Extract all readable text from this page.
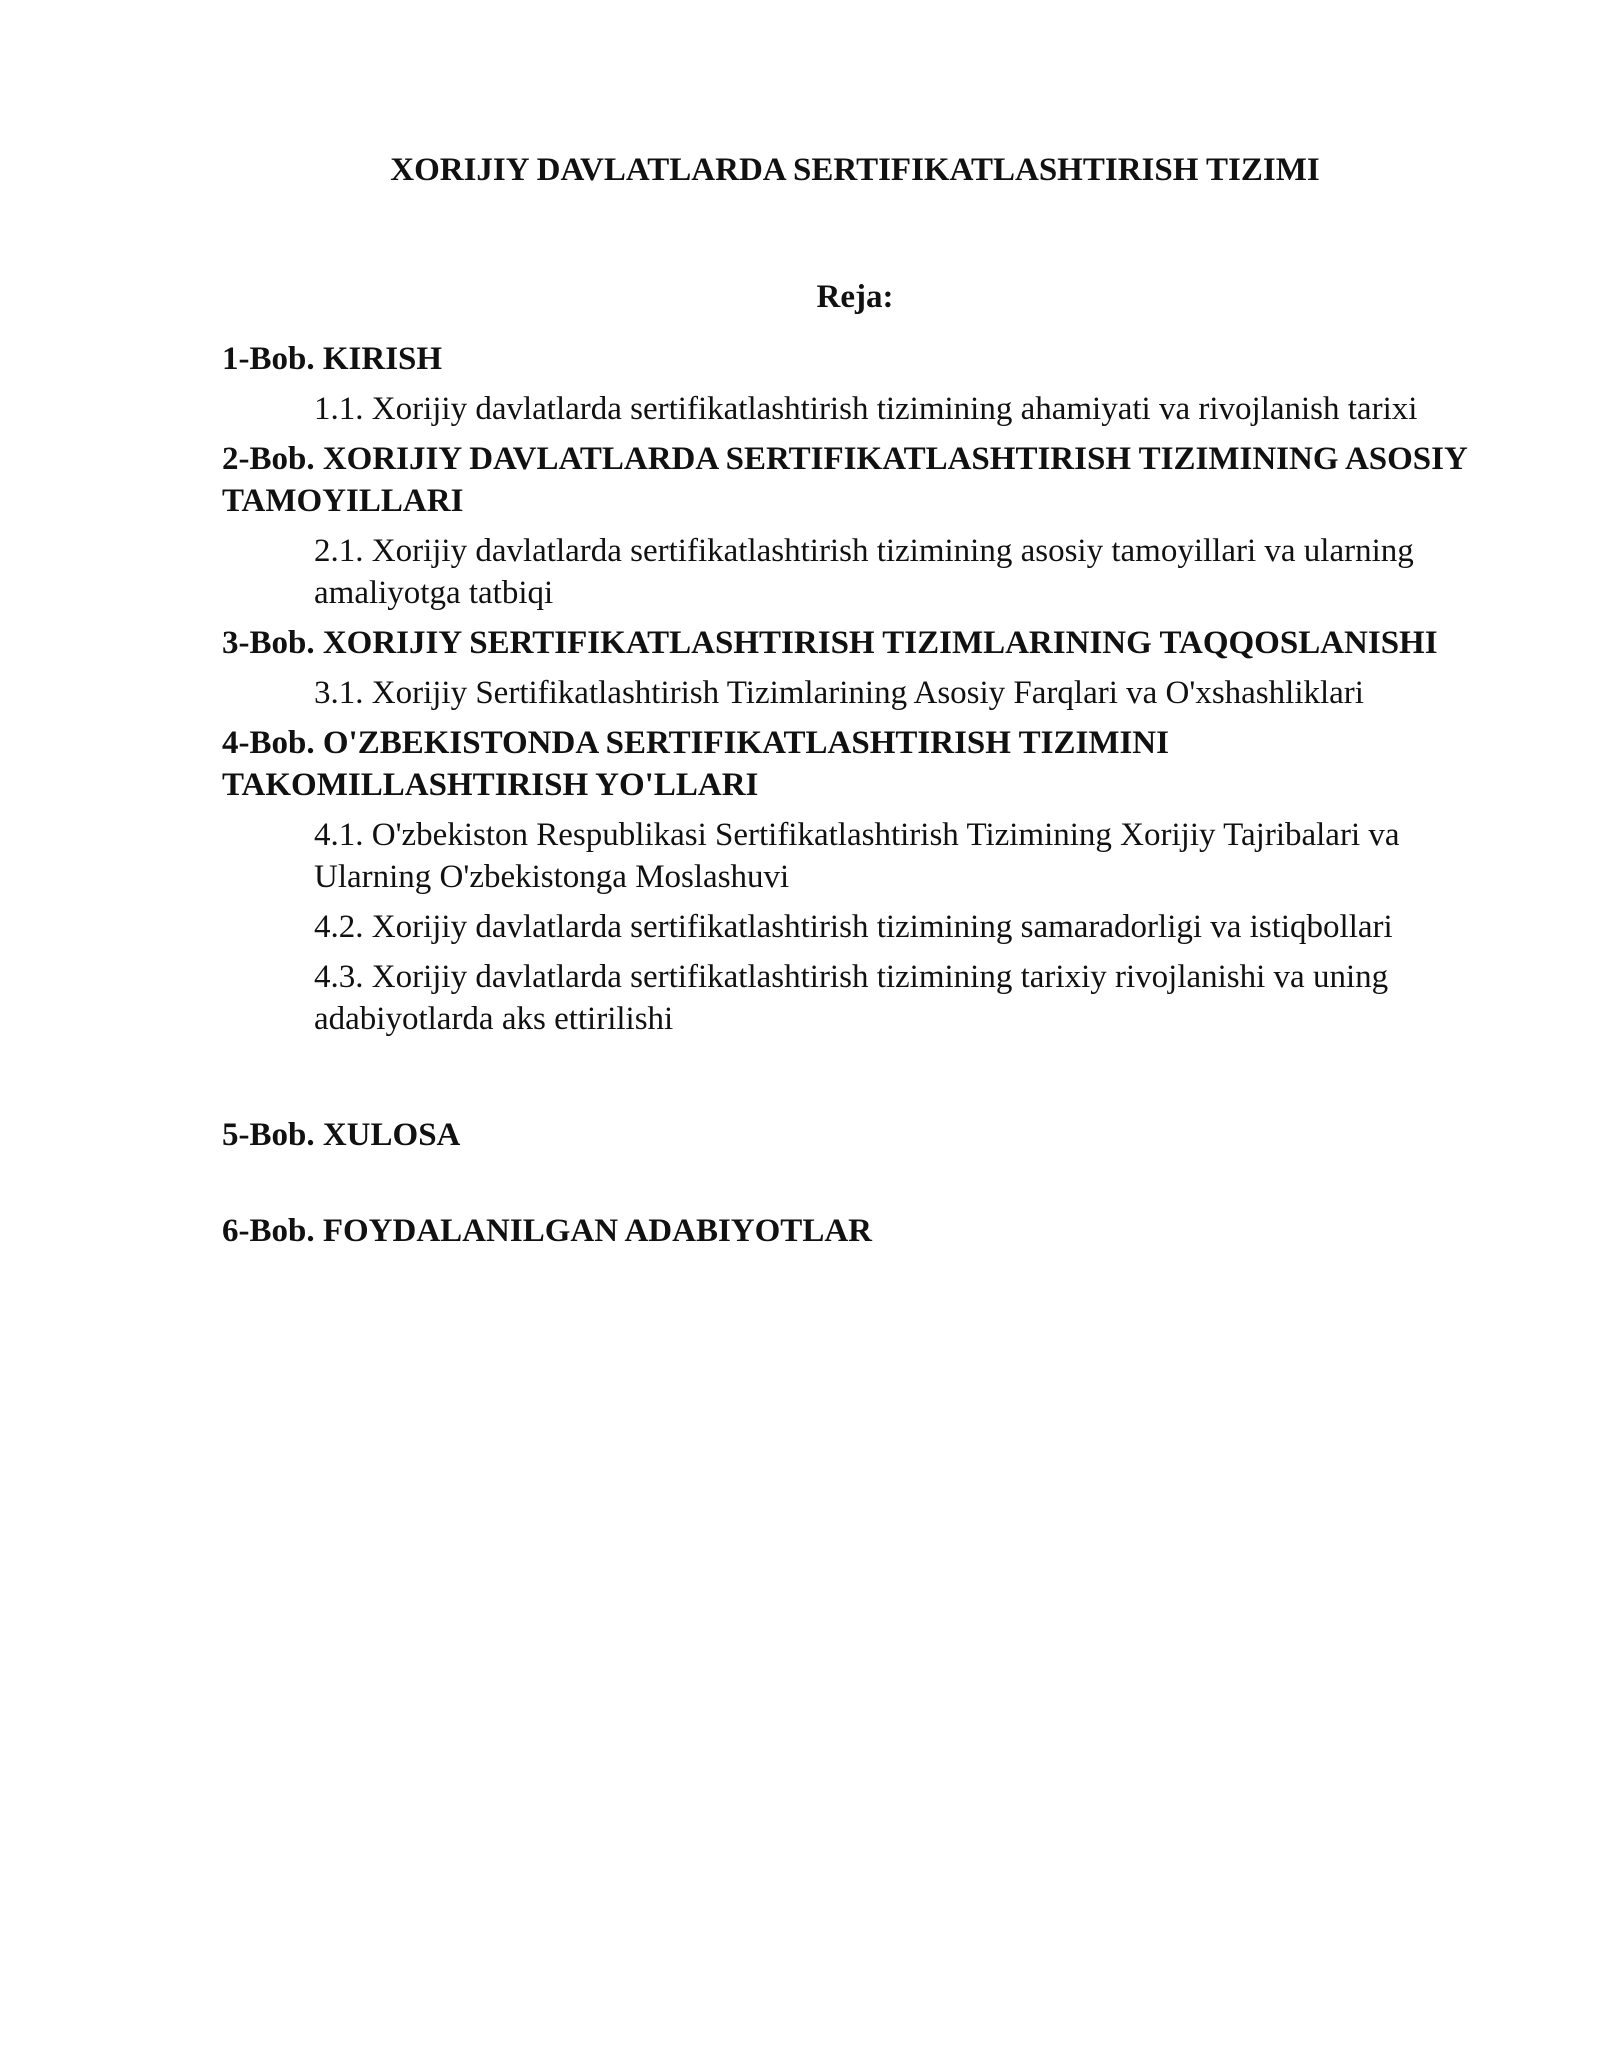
XORIJIY DAVLATLARDA SERTIFIKATLASHTIRISH TIZIMI
Reja:
1-Bob. KIRISH
1.1. Xorijiy davlatlarda sertifikatlashtirish tizimining ahamiyati va rivojlanish tarixi
2-Bob. XORIJIY DAVLATLARDA SERTIFIKATLASHTIRISH TIZIMINING ASOSIY TAMOYILLARI
2.1. Xorijiy davlatlarda sertifikatlashtirish tizimining asosiy tamoyillari va ularning amaliyotga tatbiqi
3-Bob. XORIJIY SERTIFIKATLASHTIRISH TIZIMLARINING TAQQOSLANISHI
3.1. Xorijiy Sertifikatlashtirish Tizimlarining Asosiy Farqlari va O'xshashliklari
4-Bob. O'ZBEKISTONDA SERTIFIKATLASHTIRISH TIZIMINI TAKOMILLASHTIRISH YO'LLARI
4.1. O'zbekiston Respublikasi Sertifikatlashtirish Tizimining Xorijiy Tajribalari va Ularning O'zbekistonga Moslashuvi
4.2. Xorijiy davlatlarda sertifikatlashtirish tizimining samaradorligi va istiqbollari
4.3. Xorijiy davlatlarda sertifikatlashtirish tizimining tarixiy rivojlanishi va uning adabiyotlarda aks ettirilishi
5-Bob. XULOSA
6-Bob. FOYDALANILGAN ADABIYOTLAR
